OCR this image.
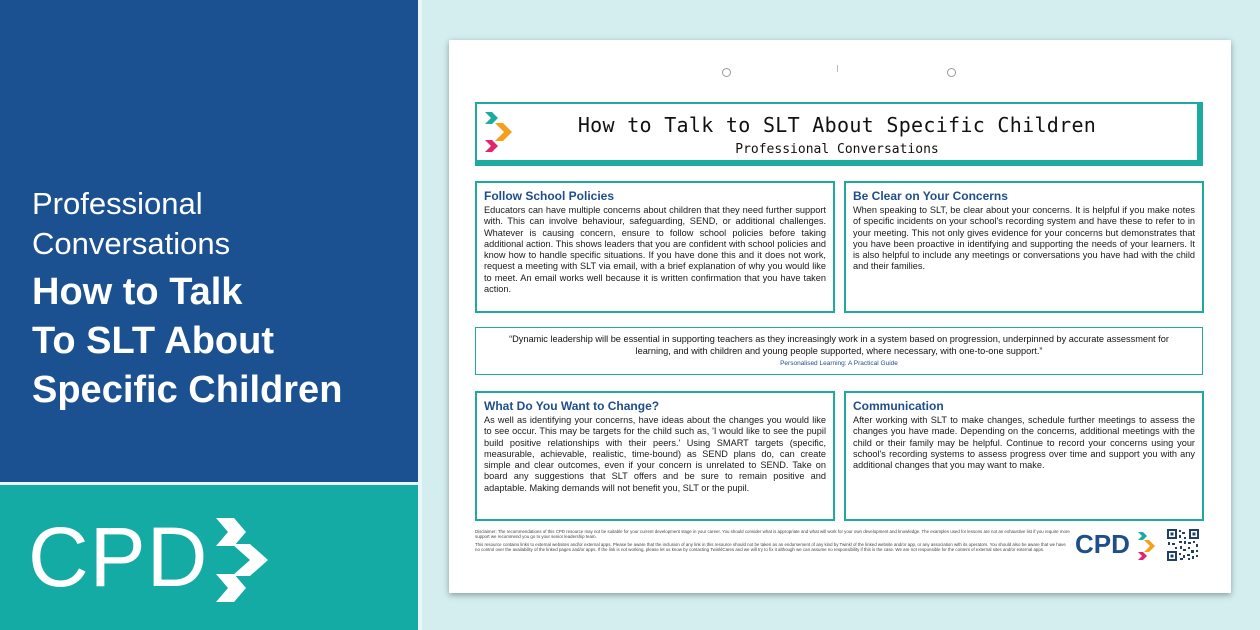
Professional
Conversations
How to Talk
To SLT About
Specific Children
CPD
How to Talk to SLT About Specific Children
Professional Conversations
Follow School Policies
Educators can have multiple concerns about children that they need further support with. This can involve behaviour, safeguarding, SEND, or additional challenges. Whatever is causing concern, ensure to follow school policies before taking additional action. This shows leaders that you are confident with school policies and know how to handle specific situations. If you have done this and it does not work, request a meeting with SLT via email, with a brief explanation of why you would like to meet. An email works well because it is written confirmation that you have taken action.
Be Clear on Your Concerns
When speaking to SLT, be clear about your concerns. It is helpful if you make notes of specific incidents on your school's recording system and have these to refer to in your meeting. This not only gives evidence for your concerns but demonstrates that you have been proactive in identifying and supporting the needs of your learners. It is also helpful to include any meetings or conversations you have had with the child and their families.
“Dynamic leadership will be essential in supporting teachers as they increasingly work in a system based on progression, underpinned by accurate assessment for learning, and with children and young people supported, where necessary, with one-to-one support.”
Personalised Learning: A Practical Guide
What Do You Want to Change?
As well as identifying your concerns, have ideas about the changes you would like to see occur. This may be targets for the child such as, 'I would like to see the pupil build positive relationships with their peers.' Using SMART targets (specific, measurable, achievable, realistic, time-bound) as SEND plans do, can create simple and clear outcomes, even if your concern is unrelated to SEND. Take on board any suggestions that SLT offers and be sure to remain positive and adaptable. Making demands will not benefit you, SLT or the pupil.
Communication
After working with SLT to make changes, schedule further meetings to assess the changes you have made. Depending on the concerns, additional meetings with the child or their family may be helpful. Continue to record your concerns using your school's recording systems to assess progress over time and support you with any additional changes that you may want to make.

Disclaimer: The recommendations of this CPD resource may not be suitable for your current development stage in your career. You should consider what is appropriate and what will work for your own development and knowledge. The examples used for lessons are not an exhaustive list if you require more support we recommend you go to your senior leadership team.

This resource contains links to external websites and/or external apps. Please be aware that the inclusion of any link in this resource should not be taken as an endorsement of any kind by Twinkl of the linked website and/or app, or any association with its operators. You should also be aware that we have no control over the availability of the linked pages and/or apps. If the link is not working, please let us know by contacting TwinklCares and we will try to fix it although we can assume no responsibility if this is the case. We are not responsible for the content of external sites and/or external apps.	CPD
